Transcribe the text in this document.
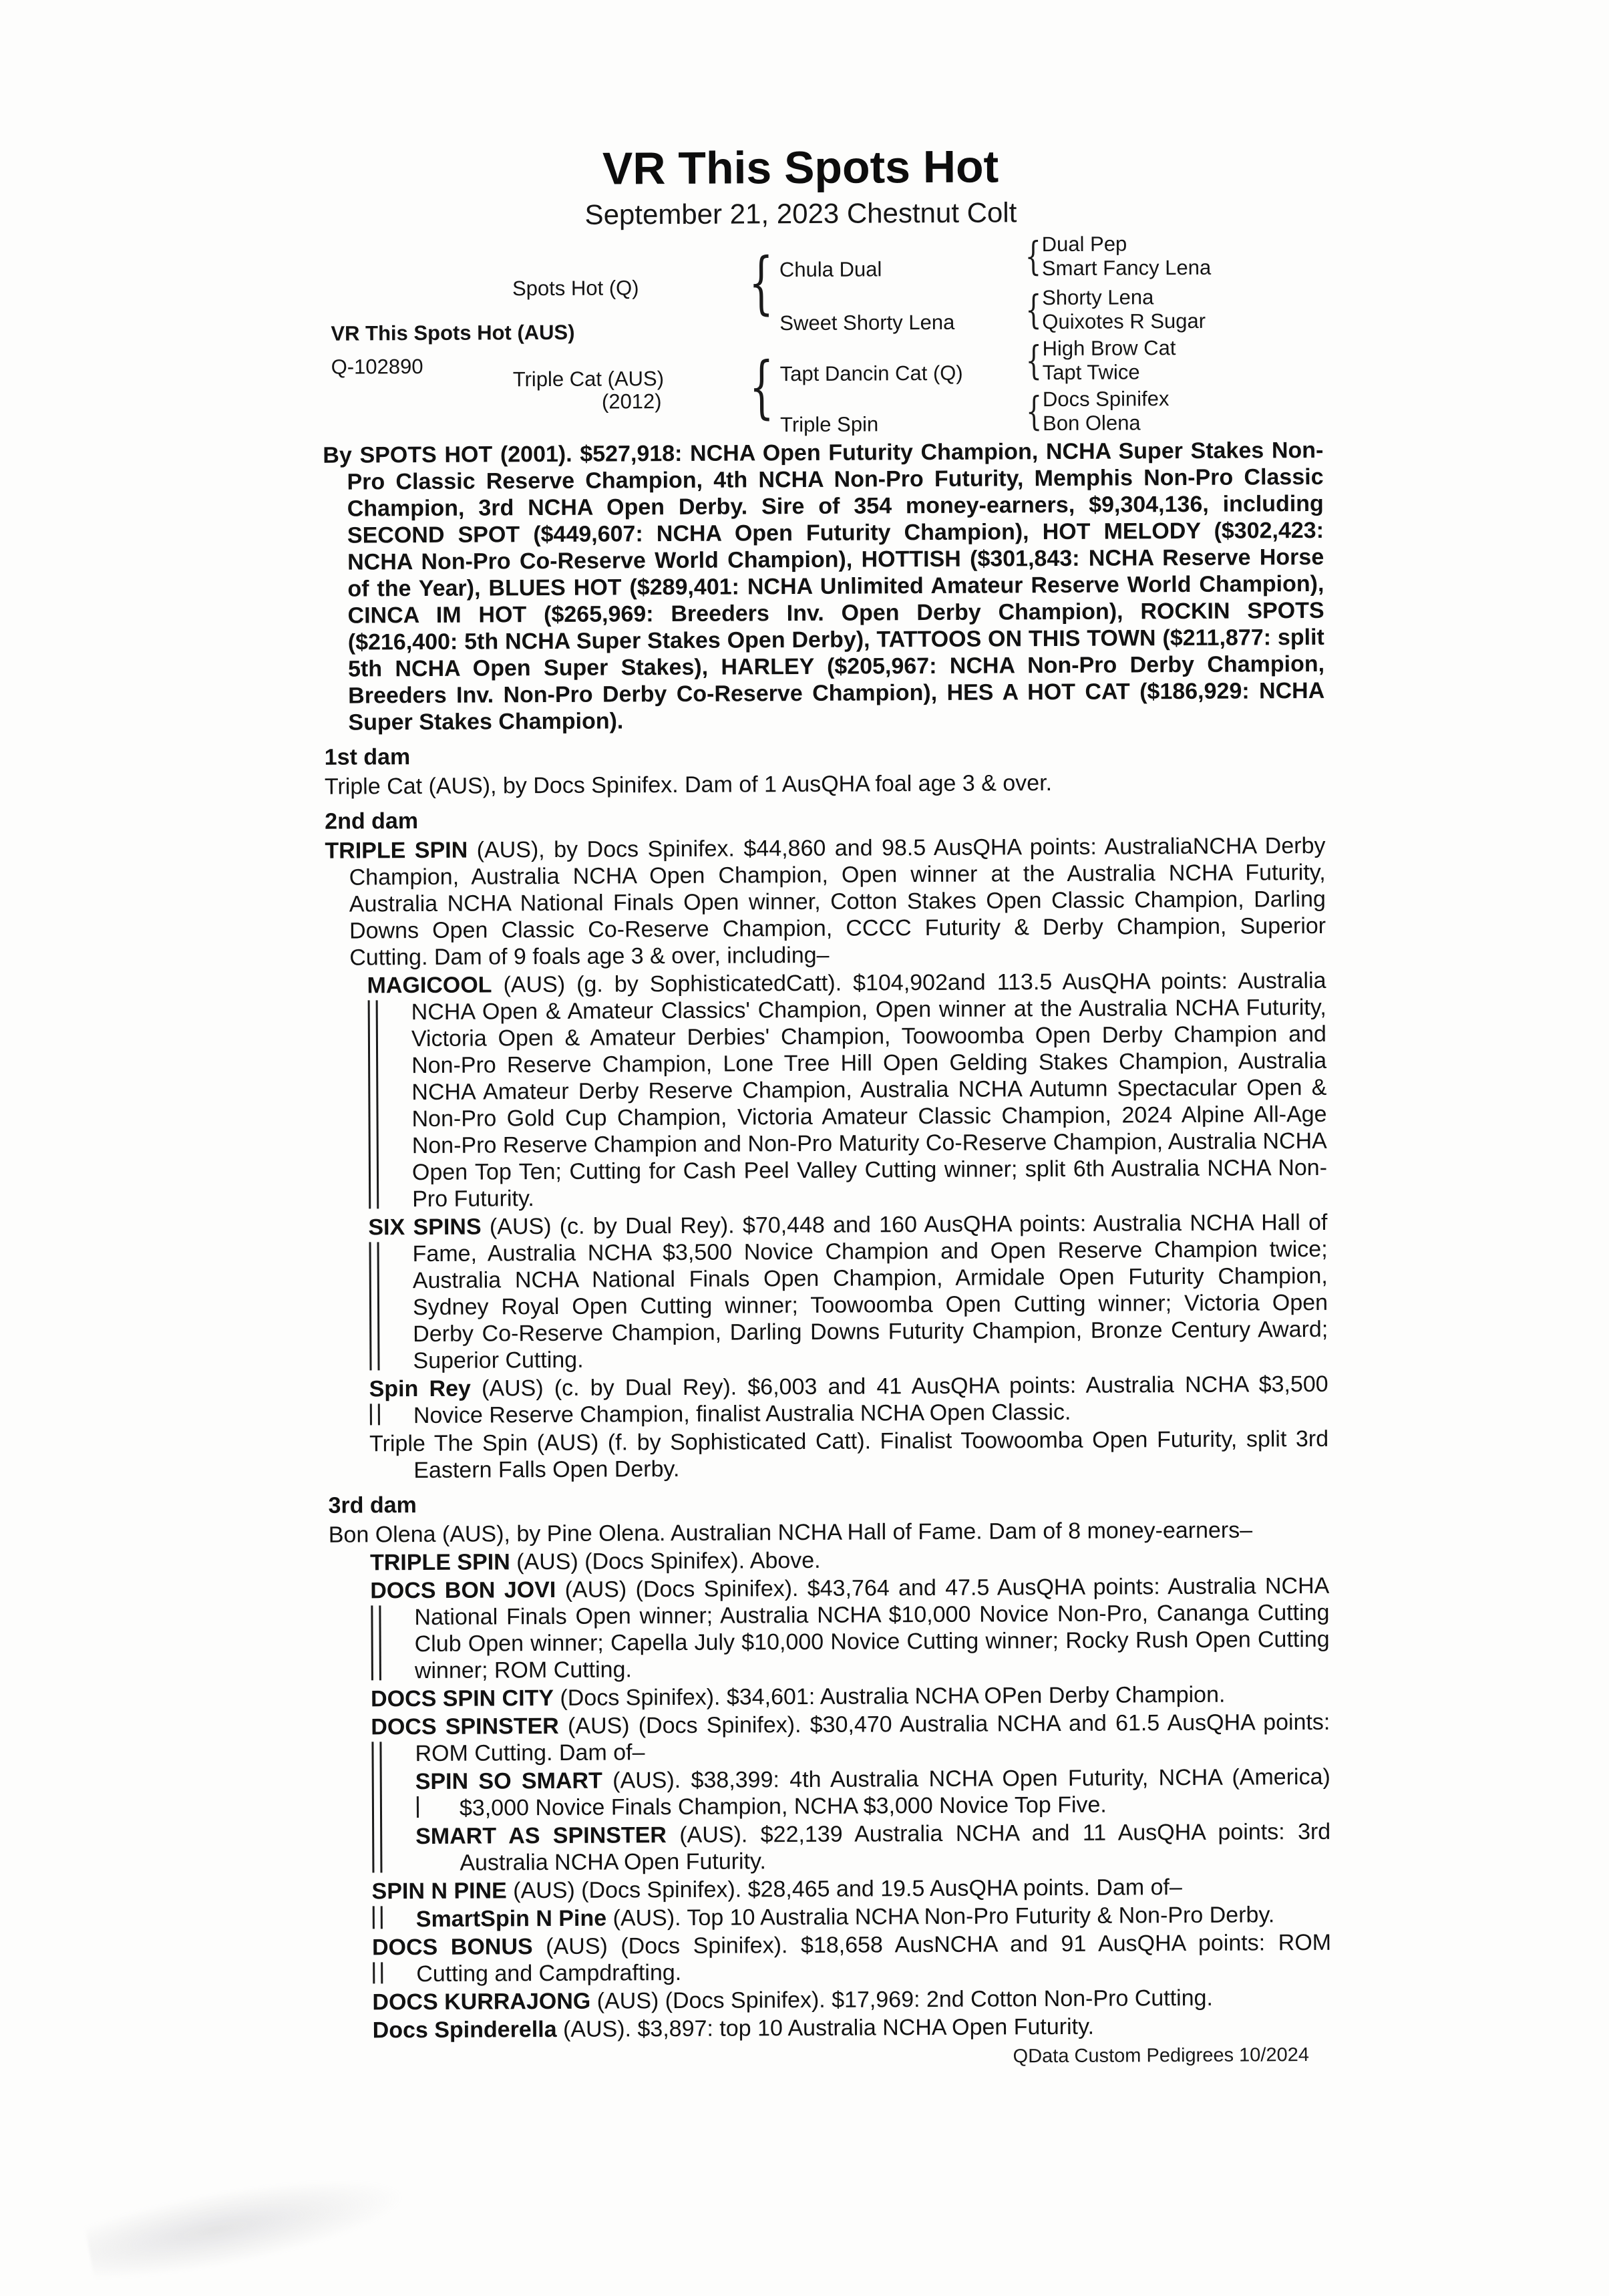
VR This Spots Hot
September 21, 2023 Chestnut Colt
VR This Spots Hot (AUS)
Q-102890
Spots Hot (Q)
Triple Cat (AUS)
(2012)
{
{
Chula Dual
Sweet Shorty Lena
Tapt Dancin Cat (Q)
Triple Spin
{
{
{
{
Dual Pep
Smart Fancy Lena
Shorty Lena
Quixotes R Sugar
High Brow Cat
Tapt Twice
Docs Spinifex
Bon Olena

By SPOTS HOT (2001). $527,918: NCHA Open Futurity Champion, NCHA Super Stakes Non-Pro Classic Reserve Champion, 4th NCHA Non-Pro Futurity, Memphis Non-Pro Classic Champion, 3rd NCHA Open Derby. Sire of 354 money-earners, $9,304,136, including SECOND SPOT ($449,607: NCHA Open Futurity Champion), HOT MELODY ($302,423: NCHA Non-Pro Co-Reserve World Champion), HOTTISH ($301,843: NCHA Reserve Horse of the Year), BLUES HOT ($289,401: NCHA Unlimited Amateur Reserve World Champion), CINCA IM HOT ($265,969: Breeders Inv. Open Derby Champion), ROCKIN SPOTS ($216,400: 5th NCHA Super Stakes Open Derby), TATTOOS ON THIS TOWN ($211,877: split 5th NCHA Open Super Stakes), HARLEY ($205,967: NCHA Non-Pro Derby Champion, Breeders Inv. Non-Pro Derby Co-Reserve Champion), HES A HOT CAT ($186,929: NCHA Super Stakes Champion).

1st dam

Triple Cat (AUS), by Docs Spinifex. Dam of 1 AusQHA foal age 3 & over.

2nd dam

TRIPLE SPIN (AUS), by Docs Spinifex. $44,860 and 98.5 AusQHA points: AustraliaNCHA Derby Champion, Australia NCHA Open Champion, Open winner at the Australia NCHA Futurity, Australia NCHA National Finals Open winner, Cotton Stakes Open Classic Champion, Darling Downs Open Classic Co-Reserve Champion, CCCC Futurity & Derby Champion, Superior Cutting. Dam of 9 foals age 3 & over, including–

MAGICOOL (AUS) (g. by SophisticatedCatt). $104,902and 113.5 AusQHA points: Australia NCHA Open & Amateur Classics' Champion, Open winner at the Australia NCHA Futurity, Victoria Open & Amateur Derbies' Champion, Toowoomba Open Derby Champion and Non-Pro Reserve Champion, Lone Tree Hill Open Gelding Stakes Champion, Australia NCHA Amateur Derby Reserve Champion, Australia NCHA Autumn Spectacular Open & Non-Pro Gold Cup Champion, Victoria Amateur Classic Champion, 2024 Alpine All-Age Non-Pro Reserve Champion and Non-Pro Maturity Co-Reserve Champion, Australia NCHA Open Top Ten; Cutting for Cash Peel Valley Cutting winner; split 6th Australia NCHA Non-Pro Futurity.
SIX SPINS (AUS) (c. by Dual Rey). $70,448 and 160 AusQHA points: Australia NCHA Hall of Fame, Australia NCHA $3,500 Novice Champion and Open Reserve Champion twice; Australia NCHA National Finals Open Champion, Armidale Open Futurity Champion, Sydney Royal Open Cutting winner; Toowoomba Open Cutting winner; Victoria Open Derby Co-Reserve Champion, Darling Downs Futurity Champion, Bronze Century Award; Superior Cutting.
Spin Rey (AUS) (c. by Dual Rey). $6,003 and 41 AusQHA points: Australia NCHA $3,500 Novice Reserve Champion, finalist Australia NCHA Open Classic.
Triple The Spin (AUS) (f. by Sophisticated Catt). Finalist Toowoomba Open Futurity, split 3rd Eastern Falls Open Derby.
3rd dam

Bon Olena (AUS), by Pine Olena. Australian NCHA Hall of Fame. Dam of 8 money-earners–

TRIPLE SPIN (AUS) (Docs Spinifex). Above.
DOCS BON JOVI (AUS) (Docs Spinifex). $43,764 and 47.5 AusQHA points: Australia NCHA National Finals Open winner; Australia NCHA $10,000 Novice Non-Pro, Cananga Cutting Club Open winner; Capella July $10,000 Novice Cutting winner; Rocky Rush Open Cutting winner; ROM Cutting.
DOCS SPIN CITY (Docs Spinifex). $34,601: Australia NCHA OPen Derby Champion.
DOCS SPINSTER (AUS) (Docs Spinifex). $30,470 Australia NCHA and 61.5 AusQHA points: ROM Cutting. Dam of–
SPIN SO SMART (AUS). $38,399: 4th Australia NCHA Open Futurity, NCHA (America) $3,000 Novice Finals Champion, NCHA $3,000 Novice Top Five.
SMART AS SPINSTER (AUS). $22,139 Australia NCHA and 11 AusQHA points: 3rd Australia NCHA Open Futurity.
SPIN N PINE (AUS) (Docs Spinifex). $28,465 and 19.5 AusQHA points. Dam of–
SmartSpin N Pine (AUS). Top 10 Australia NCHA Non-Pro Futurity & Non-Pro Derby.
DOCS BONUS (AUS) (Docs Spinifex). $18,658 AusNCHA and 91 AusQHA points: ROM Cutting and Campdrafting.
DOCS KURRAJONG (AUS) (Docs Spinifex). $17,969: 2nd Cotton Non-Pro Cutting.
Docs Spinderella (AUS). $3,897: top 10 Australia NCHA Open Futurity.
QData Custom Pedigrees 10/2024
